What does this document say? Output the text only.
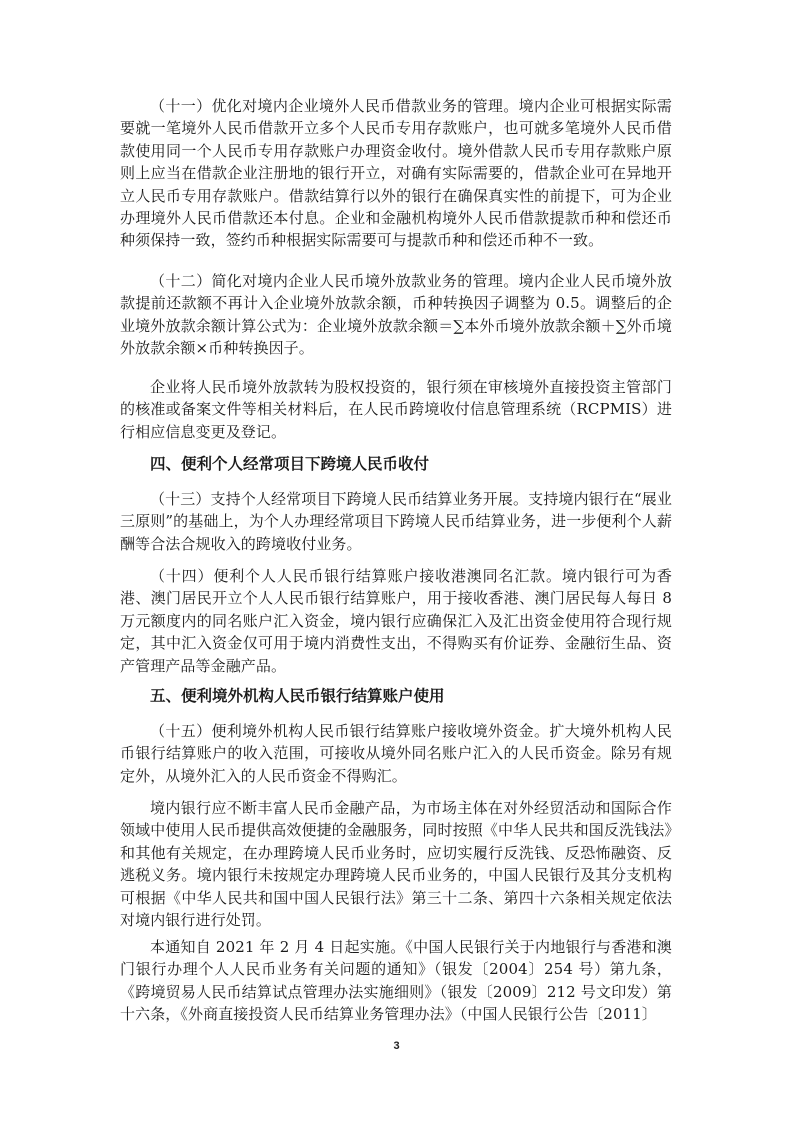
（十一）优化对境内企业境外人民币借款业务的管理。境内企业可根据实际需要就一笔境外人民币借款开立多个人民币专用存款账户，也可就多笔境外人民币借款使用同一个人民币专用存款账户办理资金收付。境外借款人民币专用存款账户原则上应当在借款企业注册地的银行开立，对确有实际需要的，借款企业可在异地开立人民币专用存款账户。借款结算行以外的银行在确保真实性的前提下，可为企业办理境外人民币借款还本付息。企业和金融机构境外人民币借款提款币种和偿还币种须保持一致，签约币种根据实际需要可与提款币种和偿还币种不一致。

（十二）简化对境内企业人民币境外放款业务的管理。境内企业人民币境外放款提前还款额不再计入企业境外放款余额，币种转换因子调整为 0.5。调整后的企业境外放款余额计算公式为：企业境外放款余额＝∑本外币境外放款余额＋∑外币境外放款余额×币种转换因子。

企业将人民币境外放款转为股权投资的，银行须在审核境外直接投资主管部门的核准或备案文件等相关材料后，在人民币跨境收付信息管理系统（RCPMIS）进行相应信息变更及登记。

四、便利个人经常项目下跨境人民币收付

（十三）支持个人经常项目下跨境人民币结算业务开展。支持境内银行在“展业三原则”的基础上，为个人办理经常项目下跨境人民币结算业务，进一步便利个人薪酬等合法合规收入的跨境收付业务。

（十四）便利个人人民币银行结算账户接收港澳同名汇款。境内银行可为香港、澳门居民开立个人人民币银行结算账户，用于接收香港、澳门居民每人每日 8 万元额度内的同名账户汇入资金，境内银行应确保汇入及汇出资金使用符合现行规定，其中汇入资金仅可用于境内消费性支出，不得购买有价证券、金融衍生品、资产管理产品等金融产品。

五、便利境外机构人民币银行结算账户使用

（十五）便利境外机构人民币银行结算账户接收境外资金。扩大境外机构人民币银行结算账户的收入范围，可接收从境外同名账户汇入的人民币资金。除另有规定外，从境外汇入的人民币资金不得购汇。

境内银行应不断丰富人民币金融产品，为市场主体在对外经贸活动和国际合作领域中使用人民币提供高效便捷的金融服务，同时按照《中华人民共和国反洗钱法》和其他有关规定，在办理跨境人民币业务时，应切实履行反洗钱、反恐怖融资、反逃税义务。境内银行未按规定办理跨境人民币业务的，中国人民银行及其分支机构可根据《中华人民共和国中国人民银行法》第三十二条、第四十六条相关规定依法对境内银行进行处罚。

本通知自 2021 年 2 月 4 日起实施。《中国人民银行关于内地银行与香港和澳门银行办理个人人民币业务有关问题的通知》（银发〔2004〕254 号）第九条，《跨境贸易人民币结算试点管理办法实施细则》（银发〔2009〕212 号文印发）第十六条，《外商直接投资人民币结算业务管理办法》（中国人民银行公告〔2011〕

3
